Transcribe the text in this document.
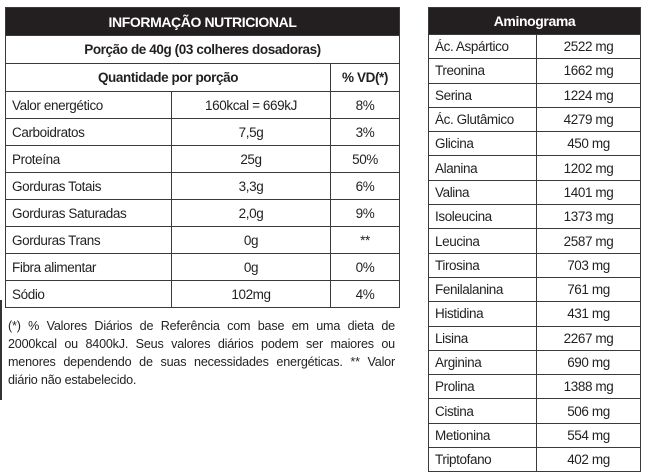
INFORMAÇÃO NUTRICIONAL		
Porção de 40g (03 colheres dosadoras)		
Quantidade por porção		% VD(*)
Valor energético	160kcal = 669kJ	8%
Carboidratos	7,5g	3%
Proteína	25g	50%
Gorduras Totais	3,3g	6%
Gorduras Saturadas	2,0g	9%
Gorduras Trans	0g	**
Fibra alimentar	0g	0%
Sódio	102mg	4%
(*) % Valores Diários de Referência com base em uma dieta de 2000kcal ou 8400kJ. Seus valores diários podem ser maiores ou menores dependendo de suas necessidades energéticas. ** Valor diário não estabelecido.
Aminograma	
Ác. Aspártico	2522 mg
Treonina	1662 mg
Serina	1224 mg
Ác. Glutâmico	4279 mg
Glicina	450 mg
Alanina	1202 mg
Valina	1401 mg
Isoleucina	1373 mg
Leucina	2587 mg
Tirosina	703 mg
Fenilalanina	761 mg
Histidina	431 mg
Lisina	2267 mg
Arginina	690 mg
Prolina	1388 mg
Cistina	506 mg
Metionina	554 mg
Triptofano	402 mg
